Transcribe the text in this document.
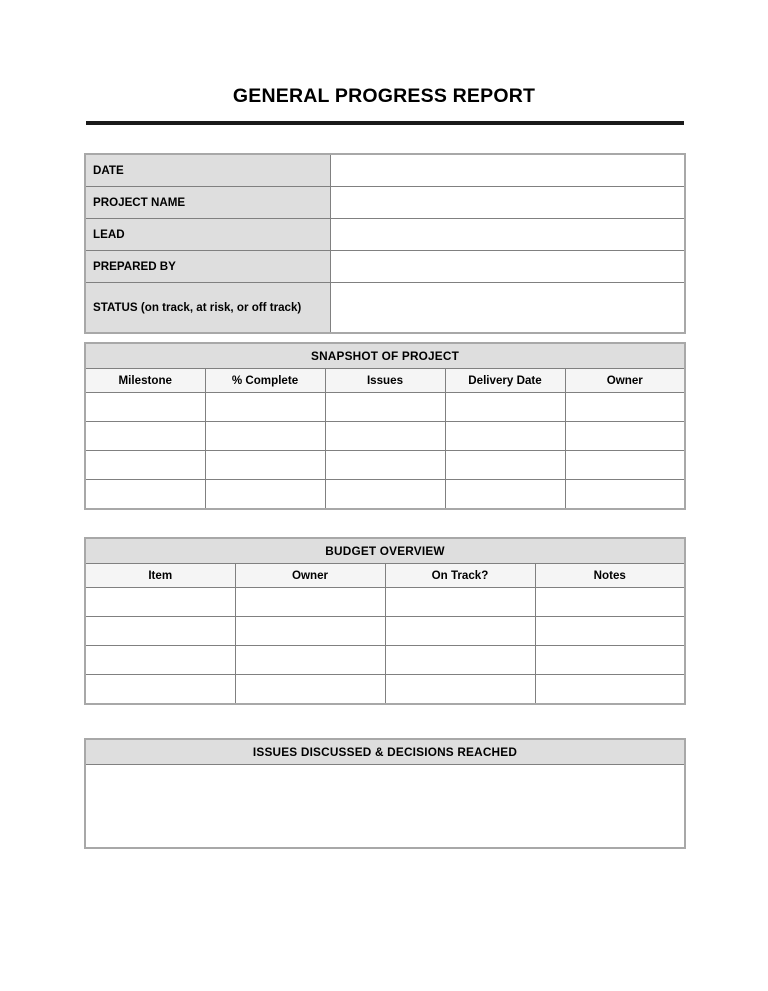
GENERAL PROGRESS REPORT
DATE	
PROJECT NAME	
LEAD	
PREPARED BY	
STATUS (on track, at risk, or off track)	
SNAPSHOT OF PROJECT				
Milestone	% Complete	Issues	Delivery Date	Owner

BUDGET OVERVIEW			
Item	Owner	On Track?	Notes

ISSUES DISCUSSED & DECISIONS REACHED
